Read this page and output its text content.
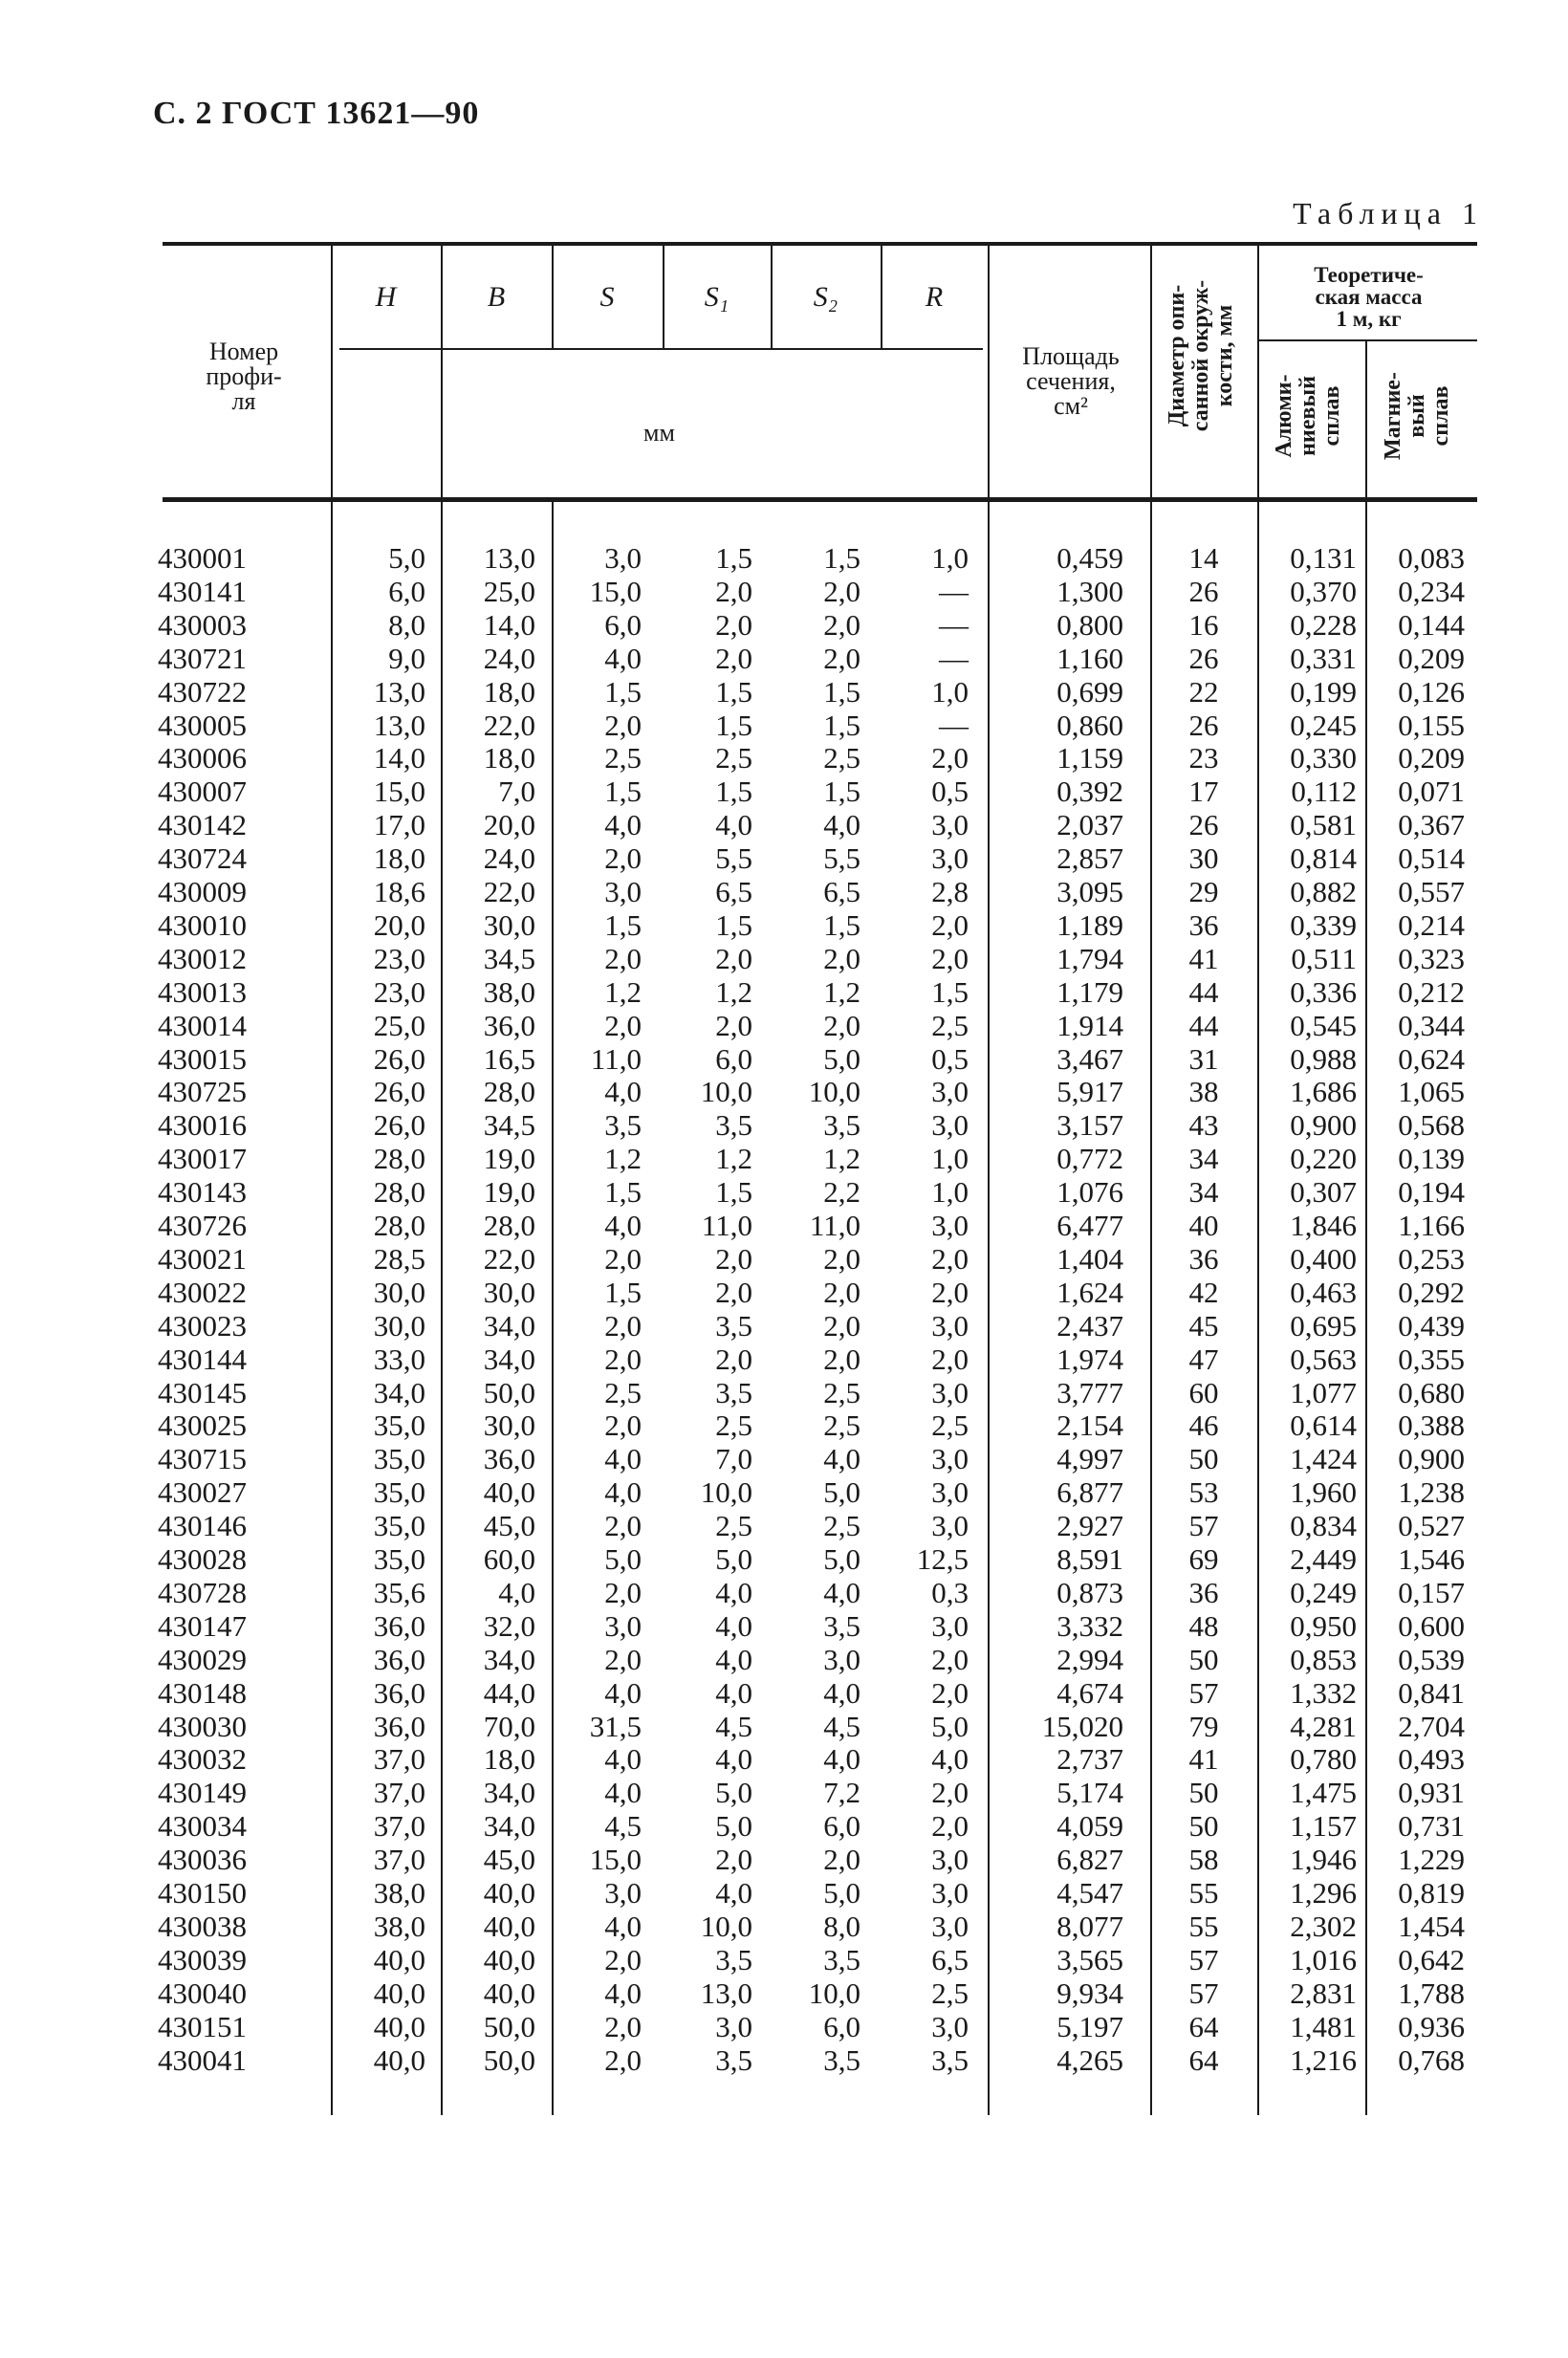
С. 2 ГОСТ 13621—90
Таблица 1
Номер
профи-
ля
H	B	S	S₁	S₂	R
мм
Площадь
сечения,
см²	Диаметр опи- санной окруж- кости, мм
Теоретиче-
ская масса
1 м, кг
Алюми- ниевый сплав Магние- вый сплав
430001	5,0	13,0	3,0	1,5	1,5	1,0	0,459	14	0,131	0,083
430141	6,0	25,0	15,0	2,0	2,0	—	1,300	26	0,370	0,234
430003	8,0	14,0	6,0	2,0	2,0	—	0,800	16	0,228	0,144
430721	9,0	24,0	4,0	2,0	2,0	—	1,160	26	0,331	0,209
430722	13,0	18,0	1,5	1,5	1,5	1,0	0,699	22	0,199	0,126
430005	13,0	22,0	2,0	1,5	1,5	—	0,860	26	0,245	0,155
430006	14,0	18,0	2,5	2,5	2,5	2,0	1,159	23	0,330	0,209
430007	15,0	7,0	1,5	1,5	1,5	0,5	0,392	17	0,112	0,071
430142	17,0	20,0	4,0	4,0	4,0	3,0	2,037	26	0,581	0,367
430724	18,0	24,0	2,0	5,5	5,5	3,0	2,857	30	0,814	0,514
430009	18,6	22,0	3,0	6,5	6,5	2,8	3,095	29	0,882	0,557
430010	20,0	30,0	1,5	1,5	1,5	2,0	1,189	36	0,339	0,214
430012	23,0	34,5	2,0	2,0	2,0	2,0	1,794	41	0,511	0,323
430013	23,0	38,0	1,2	1,2	1,2	1,5	1,179	44	0,336	0,212
430014	25,0	36,0	2,0	2,0	2,0	2,5	1,914	44	0,545	0,344
430015	26,0	16,5	11,0	6,0	5,0	0,5	3,467	31	0,988	0,624
430725	26,0	28,0	4,0	10,0	10,0	3,0	5,917	38	1,686	1,065
430016	26,0	34,5	3,5	3,5	3,5	3,0	3,157	43	0,900	0,568
430017	28,0	19,0	1,2	1,2	1,2	1,0	0,772	34	0,220	0,139
430143	28,0	19,0	1,5	1,5	2,2	1,0	1,076	34	0,307	0,194
430726	28,0	28,0	4,0	11,0	11,0	3,0	6,477	40	1,846	1,166
430021	28,5	22,0	2,0	2,0	2,0	2,0	1,404	36	0,400	0,253
430022	30,0	30,0	1,5	2,0	2,0	2,0	1,624	42	0,463	0,292
430023	30,0	34,0	2,0	3,5	2,0	3,0	2,437	45	0,695	0,439
430144	33,0	34,0	2,0	2,0	2,0	2,0	1,974	47	0,563	0,355
430145	34,0	50,0	2,5	3,5	2,5	3,0	3,777	60	1,077	0,680
430025	35,0	30,0	2,0	2,5	2,5	2,5	2,154	46	0,614	0,388
430715	35,0	36,0	4,0	7,0	4,0	3,0	4,997	50	1,424	0,900
430027	35,0	40,0	4,0	10,0	5,0	3,0	6,877	53	1,960	1,238
430146	35,0	45,0	2,0	2,5	2,5	3,0	2,927	57	0,834	0,527
430028	35,0	60,0	5,0	5,0	5,0	12,5	8,591	69	2,449	1,546
430728	35,6	4,0	2,0	4,0	4,0	0,3	0,873	36	0,249	0,157
430147	36,0	32,0	3,0	4,0	3,5	3,0	3,332	48	0,950	0,600
430029	36,0	34,0	2,0	4,0	3,0	2,0	2,994	50	0,853	0,539
430148	36,0	44,0	4,0	4,0	4,0	2,0	4,674	57	1,332	0,841
430030	36,0	70,0	31,5	4,5	4,5	5,0	15,020	79	4,281	2,704
430032	37,0	18,0	4,0	4,0	4,0	4,0	2,737	41	0,780	0,493
430149	37,0	34,0	4,0	5,0	7,2	2,0	5,174	50	1,475	0,931
430034	37,0	34,0	4,5	5,0	6,0	2,0	4,059	50	1,157	0,731
430036	37,0	45,0	15,0	2,0	2,0	3,0	6,827	58	1,946	1,229
430150	38,0	40,0	3,0	4,0	5,0	3,0	4,547	55	1,296	0,819
430038	38,0	40,0	4,0	10,0	8,0	3,0	8,077	55	2,302	1,454
430039	40,0	40,0	2,0	3,5	3,5	6,5	3,565	57	1,016	0,642
430040	40,0	40,0	4,0	13,0	10,0	2,5	9,934	57	2,831	1,788
430151	40,0	50,0	2,0	3,0	6,0	3,0	5,197	64	1,481	0,936
430041	40,0	50,0	2,0	3,5	3,5	3,5	4,265	64	1,216	0,768
